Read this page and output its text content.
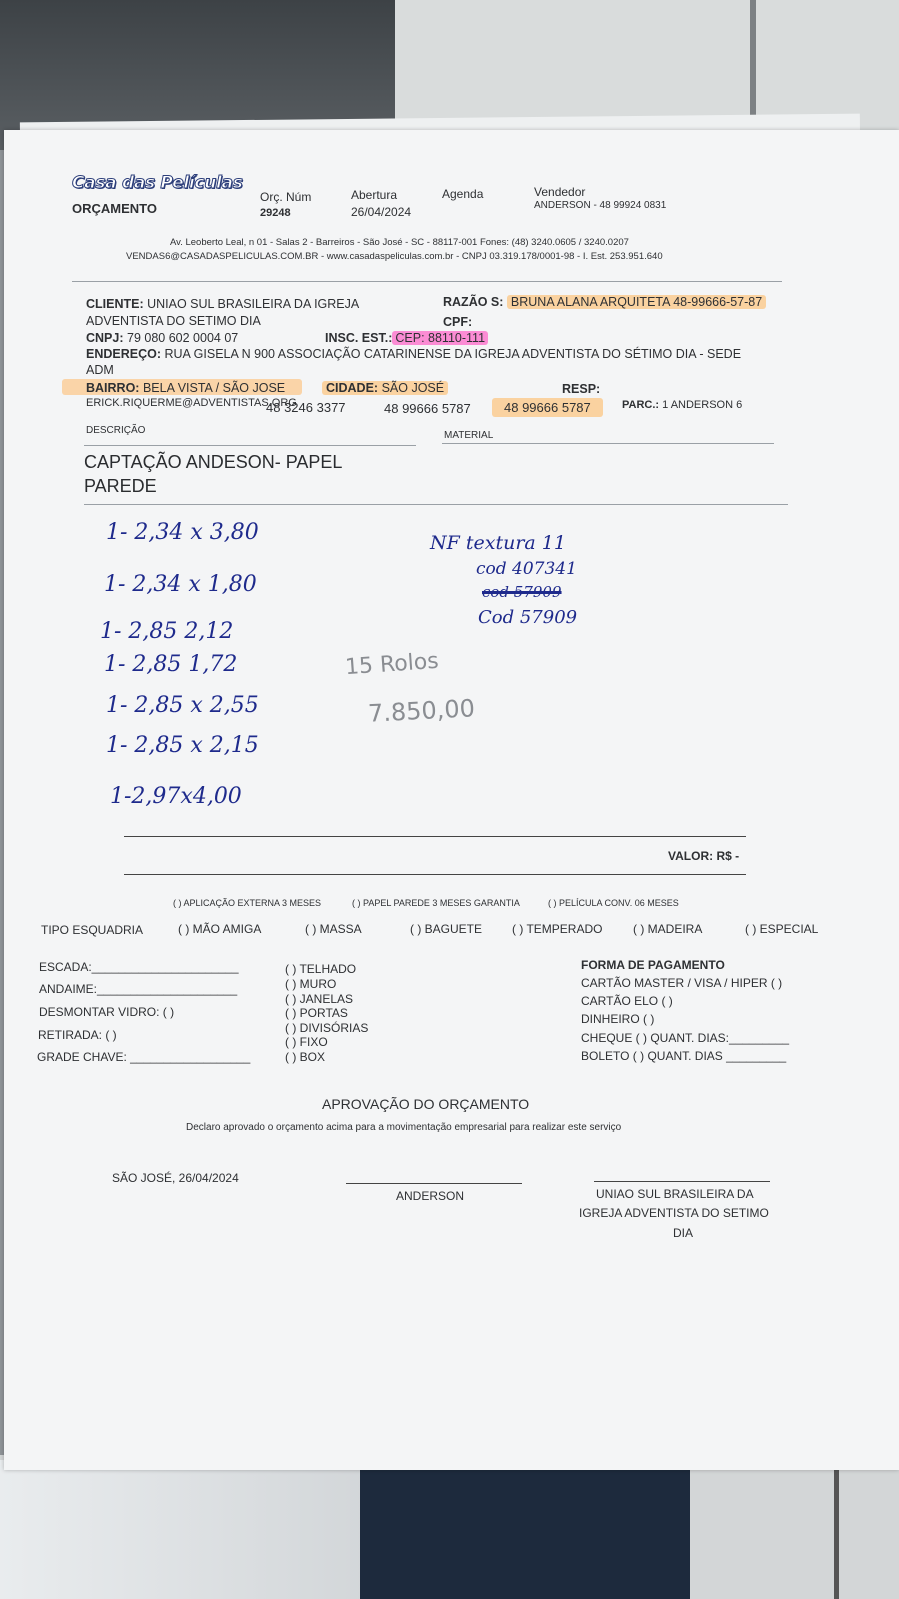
Casa das Películas
ORÇAMENTO
Orç. Núm
29248
Abertura
26/04/2024
Agenda	Vendedor
ANDERSON - 48 99924 0831
Av. Leoberto Leal, n 01 - Salas 2 - Barreiros - São José - SC - 88117-001 Fones: (48) 3240.0605 / 3240.0207
VENDAS6@CASADASPELICULAS.COM.BR - www.casadaspeliculas.com.br - CNPJ 03.319.178/0001-98 - I. Est. 253.951.640
CLIENTE: UNIAO SUL BRASILEIRA DA IGREJA
ADVENTISTA DO SETIMO DIA
RAZÃO S: BRUNA ALANA ARQUITETA 48-99666-57-87
CPF:
CNPJ: 79 080 602 0004 07	INSC. EST.: CEP: 88110-111
ENDEREÇO: RUA GISELA N 900 ASSOCIAÇÃO CATARINENSE DA IGREJA ADVENTISTA DO SÉTIMO DIA - SEDE
ADM
BAIRRO: BELA VISTA / SÃO JOSE	CIDADE: SÃO JOSÉ	RESP:
ERICK.RIQUERME@ADVENTISTAS.ORG
48 3246 3377	48 99666 5787	48 99666 5787	PARC.: 1 ANDERSON 6
DESCRIÇÃO	MATERIAL
CAPTAÇÃO ANDESON- PAPEL
PAREDE
1- 2,34 x 3,80
1- 2,34 x 1,80
1- 2,85 2,12
1- 2,85 1,72
1- 2,85 x 2,55
1- 2,85 x 2,15
1-2,97x4,00
NF textura 11
cod 407341
cod 57909
Cod 57909
15 Rolos
7.850,00
VALOR: R$ -
( ) APLICAÇÃO EXTERNA 3 MESES	( ) PAPEL PAREDE 3 MESES GARANTIA	( ) PELÍCULA CONV. 06 MESES
TIPO ESQUADRIA	( ) MÃO AMIGA	( ) MASSA	( ) BAGUETE ( ) TEMPERADO	( ) MADEIRA	( ) ESPECIAL
ESCADA:______________________
ANDAIME:_____________________
DESMONTAR VIDRO: ( )
RETIRADA: ( )
GRADE CHAVE: __________________
( ) TELHADO
( ) MURO
( ) JANELAS
( ) PORTAS
( ) DIVISÓRIAS
( ) FIXO
( ) BOX
FORMA DE PAGAMENTO
CARTÃO MASTER / VISA / HIPER ( )
CARTÃO ELO ( )
DINHEIRO ( )
CHEQUE ( ) QUANT. DIAS:_________
BOLETO ( ) QUANT. DIAS _________
APROVAÇÃO DO ORÇAMENTO
Declaro aprovado o orçamento acima para a movimentação empresarial para realizar este serviço
SÃO JOSÉ, 26/04/2024
ANDERSON	UNIAO SUL BRASILEIRA DA
IGREJA ADVENTISTA DO SETIMO
DIA
